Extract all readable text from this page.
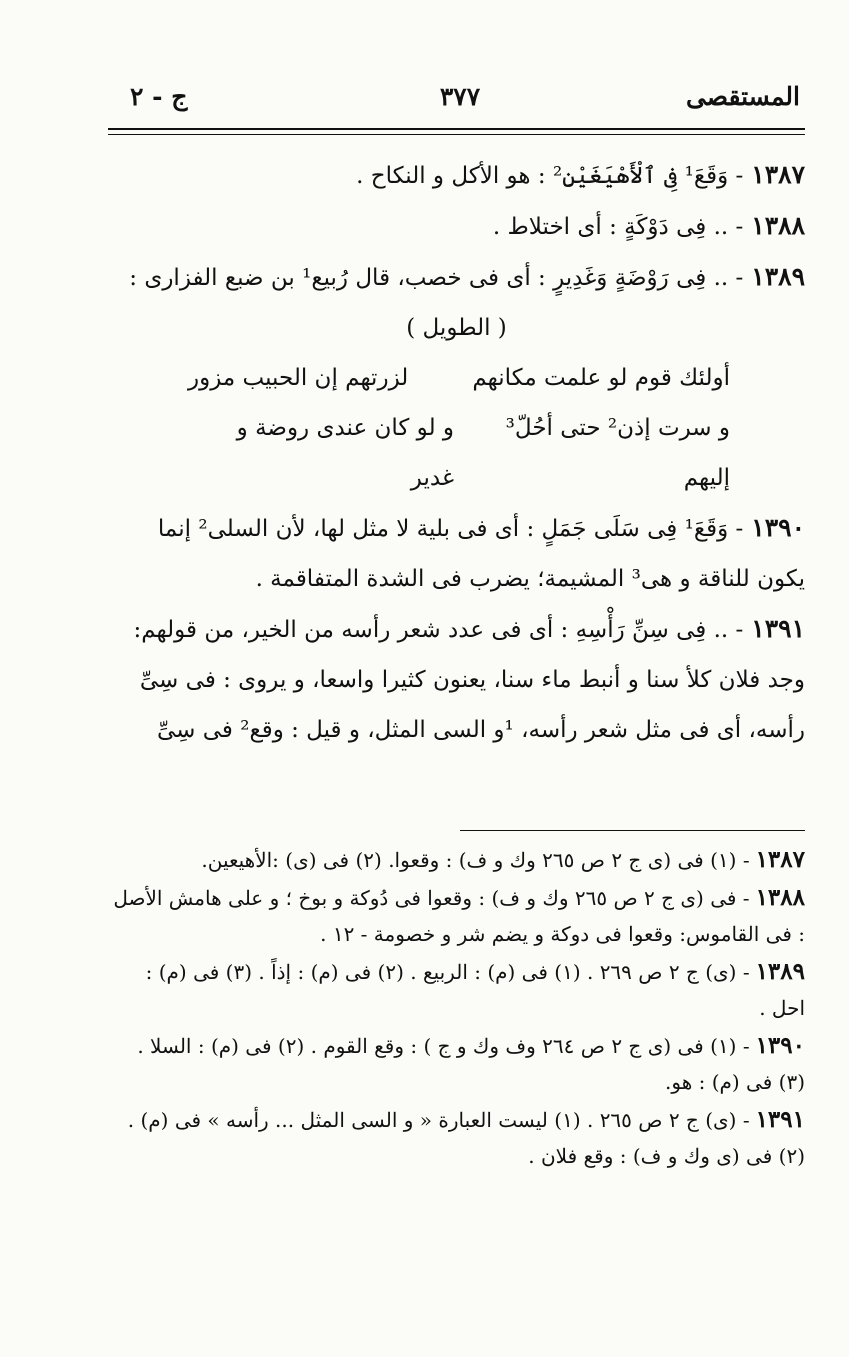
المستقصى
٣٧٧
ج - ٢

١٣٨٧- وَقَعَ¹ فِى ٱلْأَهْيَغَيْنِ² : هو الأكل و النكاح .

١٣٨٨- .. فِى دَوْكَةٍ : أى اختلاط .

١٣٨٩- .. فِى رَوْضَةٍ وَغَدِيرٍ : أى فى خصب، قال رُبيع¹ بن ضبع الفزارى :

( الطويل )

أولئك قوم لو علمت مكانهم
لزرتهم إن الحبيب مزور

و سرت إذن² حتى أحُلّ³ إليهم
و لو كان عندى روضة و غدير

١٣٩٠- وَقَعَ¹ فِى سَلَى جَمَلٍ : أى فى بلية لا مثل لها، لأن السلى² إنما يكون للناقة و هى³ المشيمة؛ يضرب فى الشدة المتفاقمة .

١٣٩١- .. فِى سِنِّ رَأْسِهِ : أى فى عدد شعر رأسه من الخير، من قولهم: وجد فلان كلأ سنا و أنبط ماء سنا، يعنون كثيرا واسعا، و يروى : فى سِىِّ رأسه، أى فى مثل شعر رأسه، ¹و السى المثل، و قيل : وقع² فى سِىِّ

١٣٨٧- (١) فى (ى ج ٢ ص ٢٦٥ وك و ف) : وقعوا. (٢) فى (ى) :الأهيعين.

١٣٨٨- فى (ى ج ٢ ص ٢٦٥ وك و ف) : وقعوا فى دُوكة و بوخ ؛ و على هامش الأصل : فى القاموس: وقعوا فى دوكة و يضم شر و خصومة - ١٢ .

١٣٨٩- (ى) ج ٢ ص ٢٦٩ . (١) فى (م) : الربيع . (٢) فى (م) : إذاً . (٣) فى (م) : احل .

١٣٩٠- (١) فى (ى ج ٢ ص ٢٦٤ وف وك و ج ) : وقع القوم . (٢) فى (م) : السلا . (٣) فى (م) : هو.

١٣٩١- (ى) ج ٢ ص ٢٦٥ . (١) ليست العبارة « و السى المثل ... رأسه » فى (م) . (٢) فى (ى وك و ف) : وقع فلان .
